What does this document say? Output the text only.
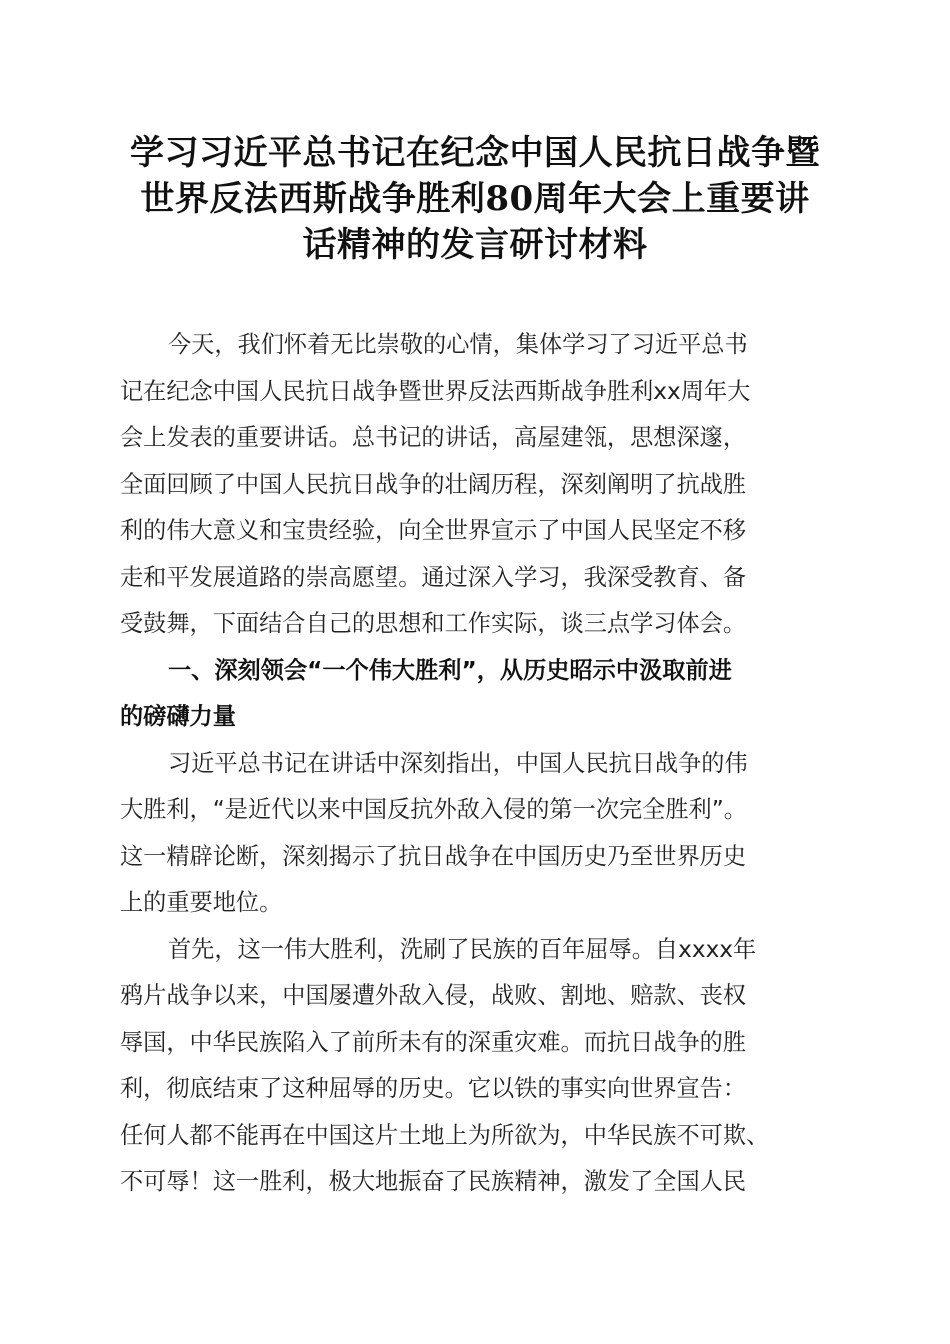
学习习近平总书记在纪念中国人民抗日战争暨
世界反法西斯战争胜利80周年大会上重要讲
话精神的发言研讨材料
今天，我们怀着无比崇敬的心情，集体学习了习近平总书
记在纪念中国人民抗日战争暨世界反法西斯战争胜利xx周年大
会上发表的重要讲话。总书记的讲话，高屋建瓴，思想深邃，
全面回顾了中国人民抗日战争的壮阔历程，深刻阐明了抗战胜
利的伟大意义和宝贵经验，向全世界宣示了中国人民坚定不移
走和平发展道路的崇高愿望。通过深入学习，我深受教育、备
受鼓舞，下面结合自己的思想和工作实际，谈三点学习体会。
一、深刻领会“一个伟大胜利”，从历史昭示中汲取前进
的磅礴力量
习近平总书记在讲话中深刻指出，中国人民抗日战争的伟
大胜利，“是近代以来中国反抗外敌入侵的第一次完全胜利”。
这一精辟论断，深刻揭示了抗日战争在中国历史乃至世界历史
上的重要地位。
首先，这一伟大胜利，洗刷了民族的百年屈辱。自xxxx年
鸦片战争以来，中国屡遭外敌入侵，战败、割地、赔款、丧权
辱国，中华民族陷入了前所未有的深重灾难。而抗日战争的胜
利，彻底结束了这种屈辱的历史。它以铁的事实向世界宣告：
任何人都不能再在中国这片土地上为所欲为，中华民族不可欺、
不可辱！这一胜利，极大地振奋了民族精神，激发了全国人民
